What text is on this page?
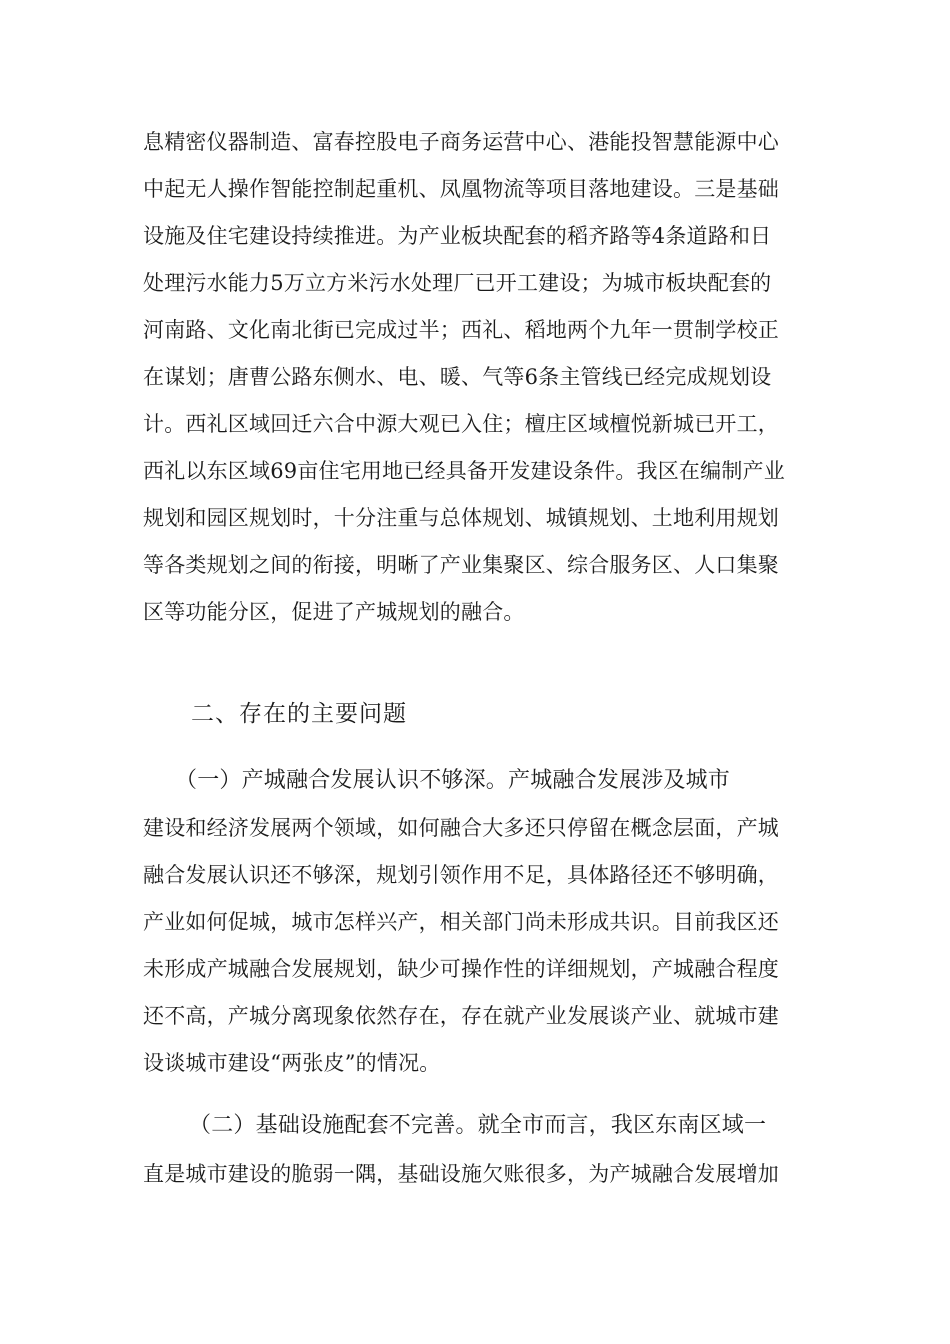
息精密仪器制造、富春控股电子商务运营中心、港能投智慧能源中心
中起无人操作智能控制起重机、凤凰物流等项目落地建设。三是基础
设施及住宅建设持续推进。为产业板块配套的稻齐路等4条道路和日
处理污水能力5万立方米污水处理厂已开工建设；为城市板块配套的
河南路、文化南北街已完成过半；西礼、稻地两个九年一贯制学校正
在谋划；唐曹公路东侧水、电、暖、气等6条主管线已经完成规划设
计。西礼区域回迁六合中源大观已入住；檀庄区域檀悦新城已开工，
西礼以东区域69亩住宅用地已经具备开发建设条件。我区在编制产业
规划和园区规划时，十分注重与总体规划、城镇规划、土地利用规划
等各类规划之间的衔接，明晰了产业集聚区、综合服务区、人口集聚
区等功能分区，促进了产城规划的融合。
二、存在的主要问题
（一）产城融合发展认识不够深。产城融合发展涉及城市
建设和经济发展两个领域，如何融合大多还只停留在概念层面，产城
融合发展认识还不够深，规划引领作用不足，具体路径还不够明确，
产业如何促城，城市怎样兴产，相关部门尚未形成共识。目前我区还
未形成产城融合发展规划，缺少可操作性的详细规划，产城融合程度
还不高，产城分离现象依然存在，存在就产业发展谈产业、就城市建
设谈城市建设“两张皮”的情况。
（二）基础设施配套不完善。就全市而言，我区东南区域一
直是城市建设的脆弱一隅，基础设施欠账很多，为产城融合发展增加
